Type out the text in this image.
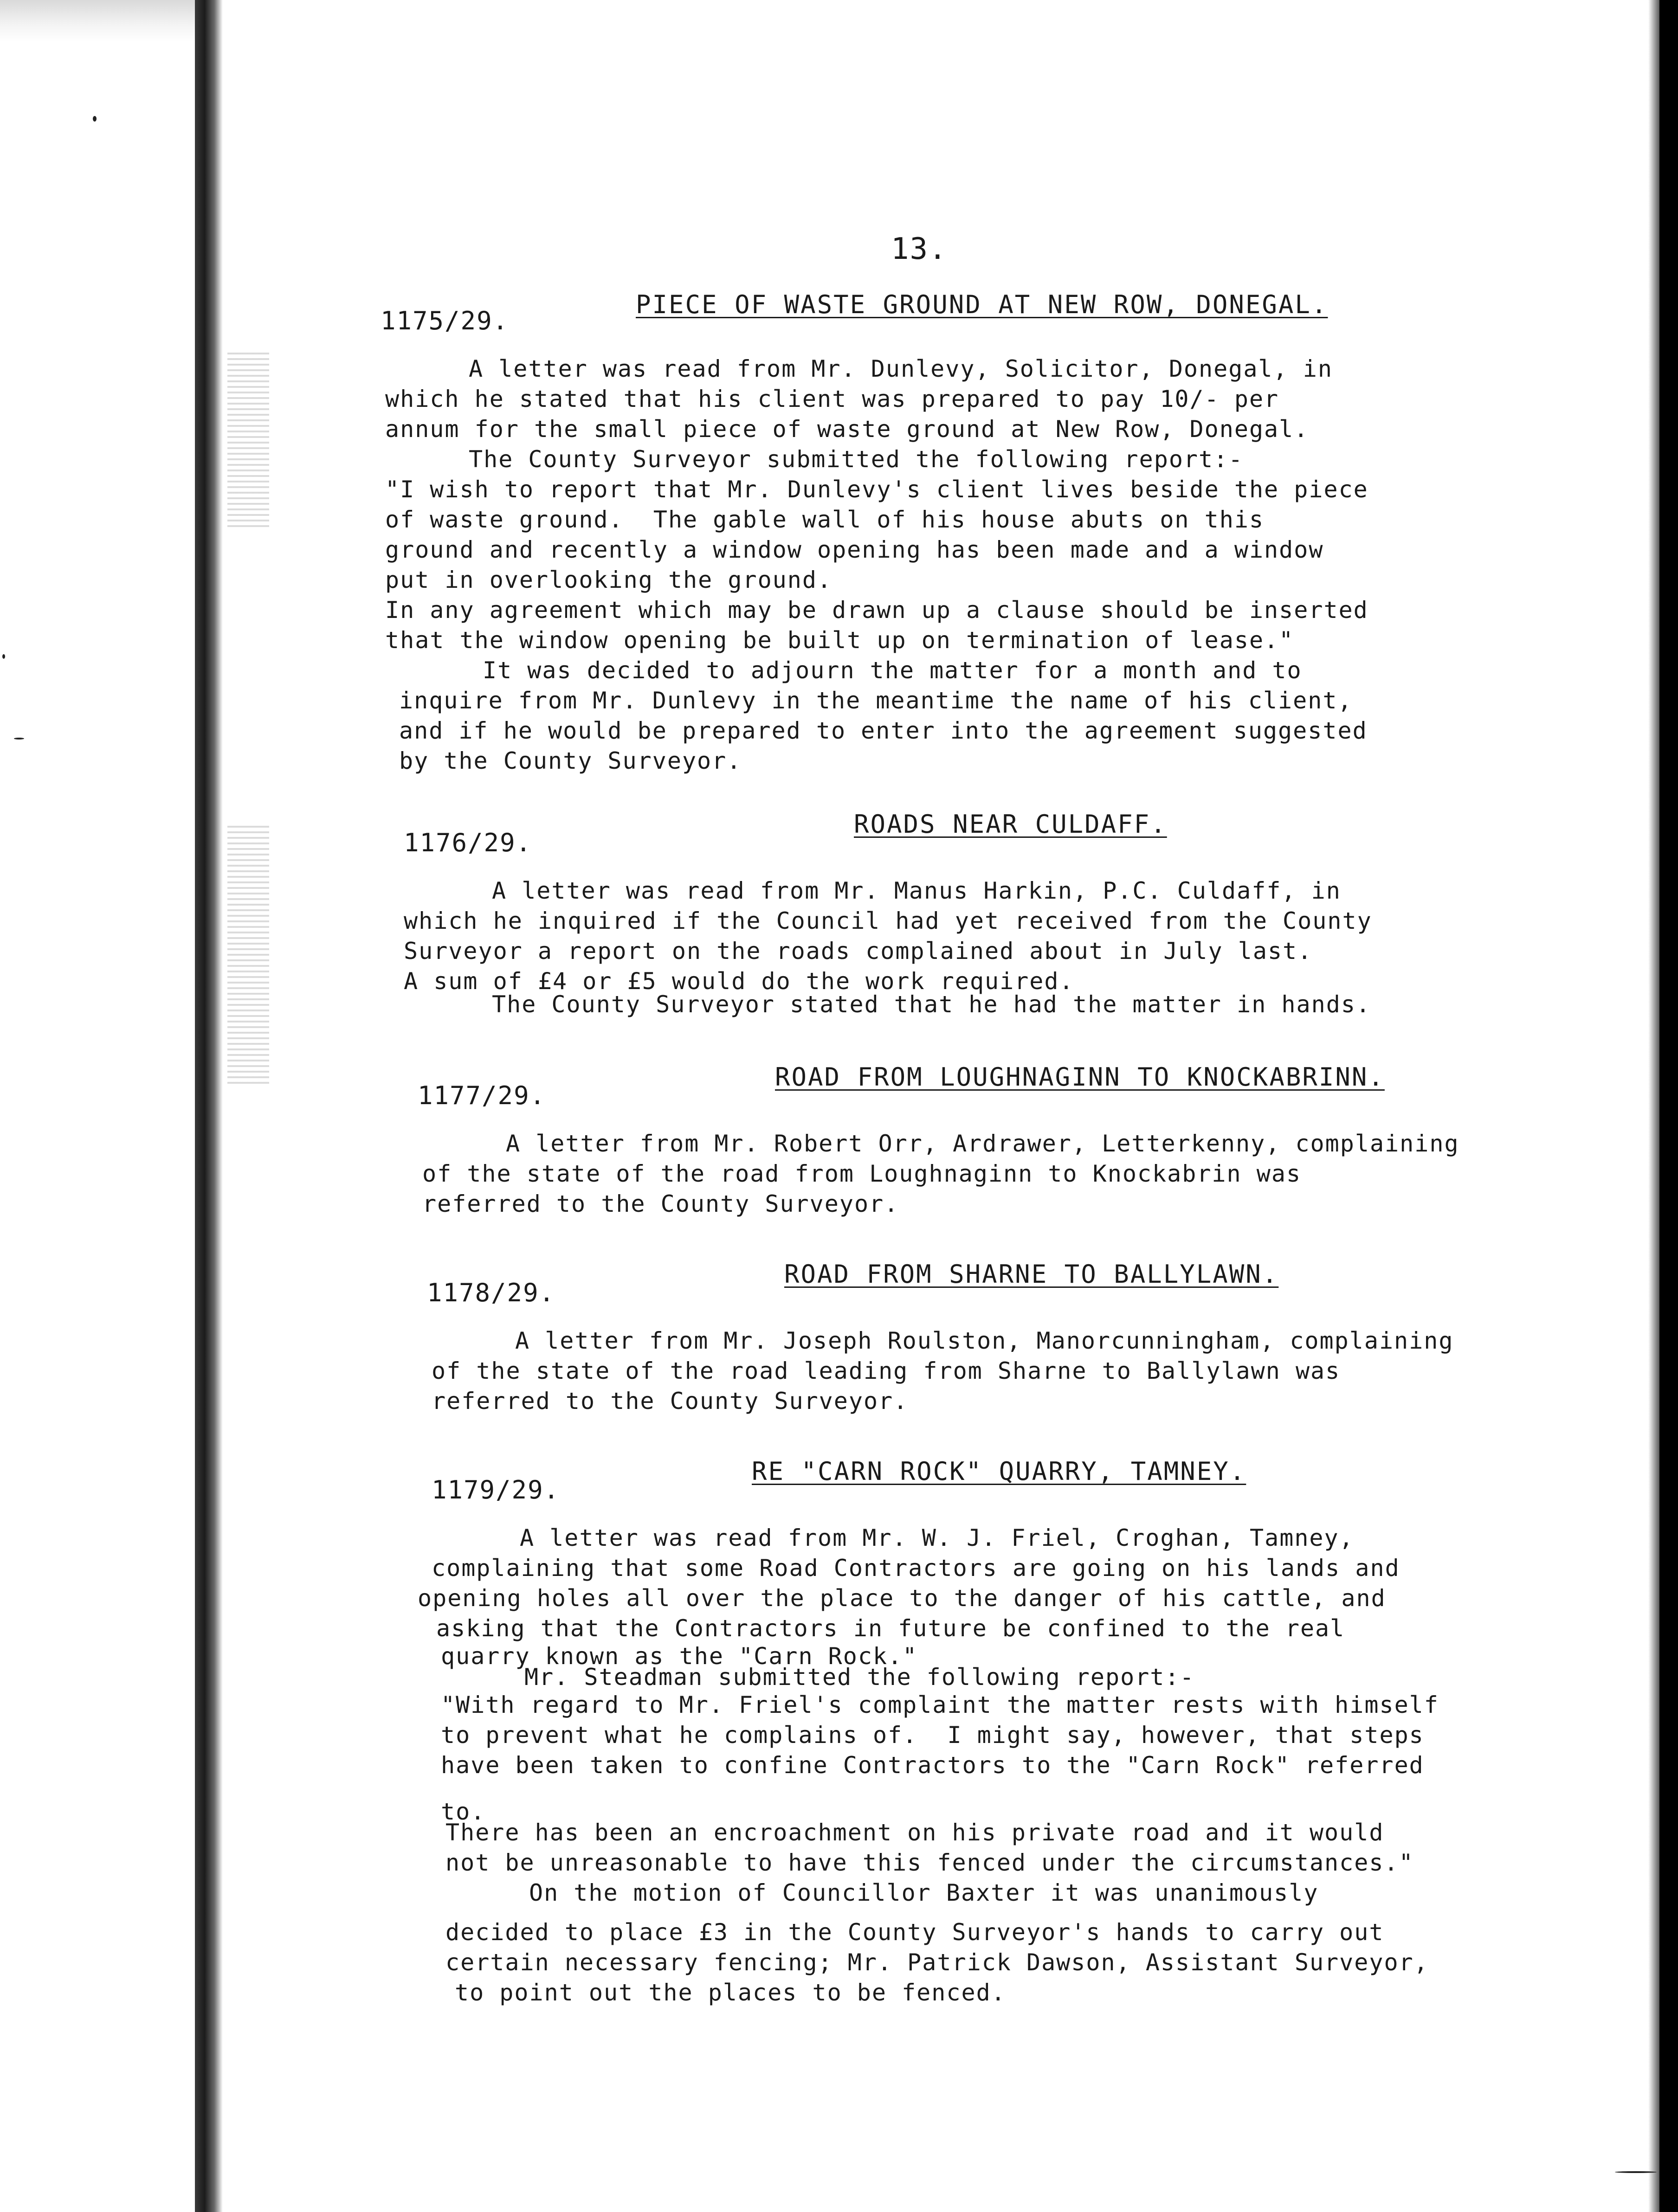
13.
1175/29.
PIECE OF WASTE GROUND AT NEW ROW, DONEGAL.
A letter was read from Mr. Dunlevy, Solicitor, Donegal, in
which he stated that his client was prepared to pay 10/- per
annum for the small piece of waste ground at New Row, Donegal.
The County Surveyor submitted the following report:-
"I wish to report that Mr. Dunlevy's client lives beside the piece
of waste ground.  The gable wall of his house abuts on this
ground and recently a window opening has been made and a window
put in overlooking the ground.
In any agreement which may be drawn up a clause should be inserted
that the window opening be built up on termination of lease."
It was decided to adjourn the matter for a month and to
inquire from Mr. Dunlevy in the meantime the name of his client,
and if he would be prepared to enter into the agreement suggested
by the County Surveyor.
1176/29.
ROADS NEAR CULDAFF.
A letter was read from Mr. Manus Harkin, P.C. Culdaff, in
which he inquired if the Council had yet received from the County
Surveyor a report on the roads complained about in July last.
A sum of £4 or £5 would do the work required.
The County Surveyor stated that he had the matter in hands.
1177/29.
ROAD FROM LOUGHNAGINN TO KNOCKABRINN.
A letter from Mr. Robert Orr, Ardrawer, Letterkenny, complaining
of the state of the road from Loughnaginn to Knockabrin was
referred to the County Surveyor.
1178/29.
ROAD FROM SHARNE TO BALLYLAWN.
A letter from Mr. Joseph Roulston, Manorcunningham, complaining
of the state of the road leading from Sharne to Ballylawn was
referred to the County Surveyor.
1179/29.
RE "CARN ROCK" QUARRY, TAMNEY.
A letter was read from Mr. W. J. Friel, Croghan, Tamney,
complaining that some Road Contractors are going on his lands and
opening holes all over the place to the danger of his cattle, and
asking that the Contractors in future be confined to the real
quarry known as the "Carn Rock."
Mr. Steadman submitted the following report:-
"With regard to Mr. Friel's complaint the matter rests with himself
to prevent what he complains of.  I might say, however, that steps
have been taken to confine Contractors to the "Carn Rock" referred
to.
There has been an encroachment on his private road and it would
not be unreasonable to have this fenced under the circumstances."
On the motion of Councillor Baxter it was unanimously
decided to place £3 in the County Surveyor's hands to carry out
certain necessary fencing; Mr. Patrick Dawson, Assistant Surveyor,
to point out the places to be fenced.
